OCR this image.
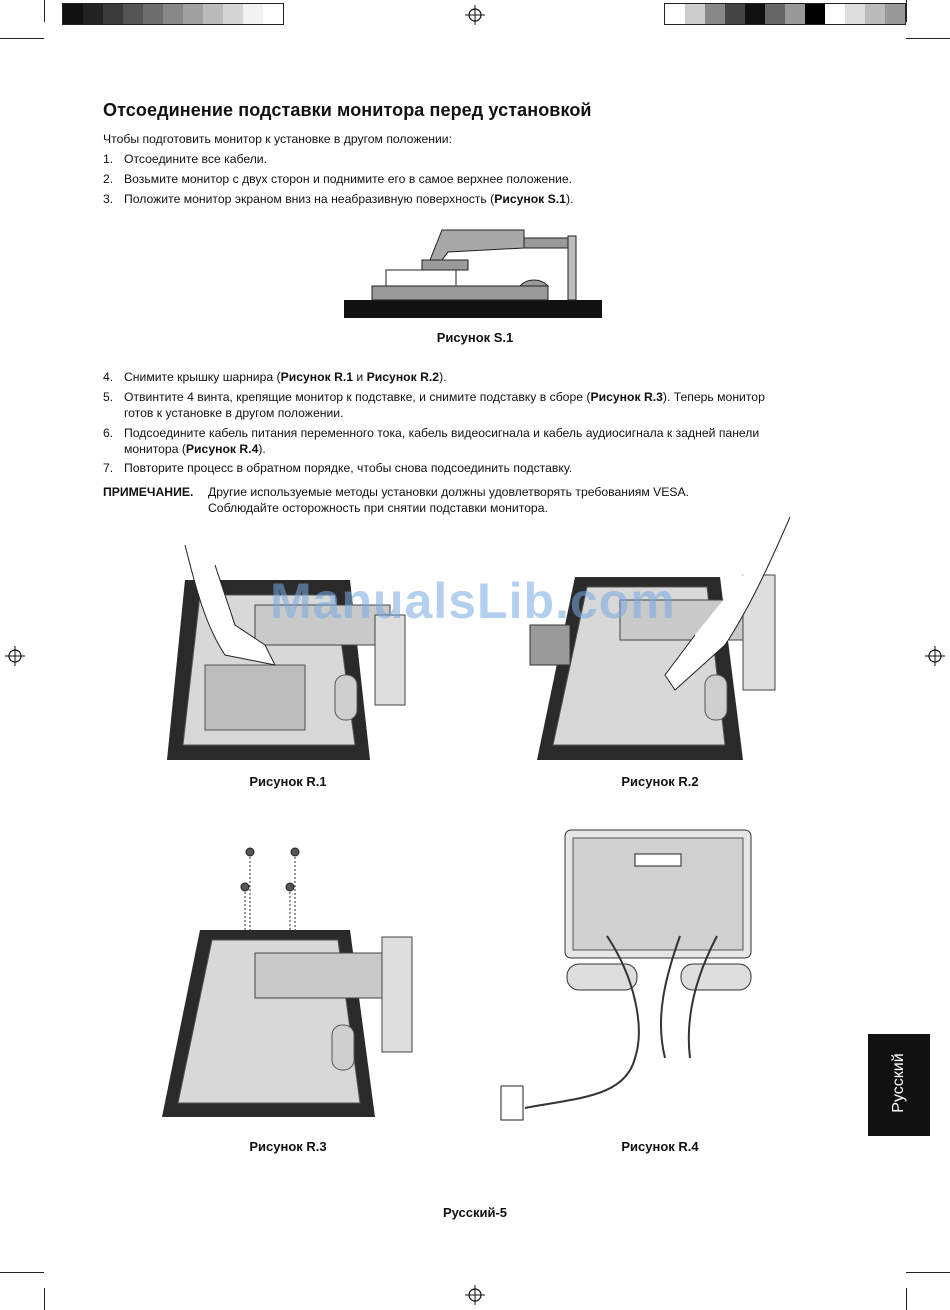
Отсоединение подставки монитора перед установкой
Чтобы подготовить монитор к установке в другом положении:
1. Отсоедините все кабели.
2. Возьмите монитор с двух сторон и поднимите его в самое верхнее положение.
3. Положите монитор экраном вниз на неабразивную поверхность (Рисунок S.1).
Рисунок S.1
4. Снимите крышку шарнира (Рисунок R.1 и Рисунок R.2).
5. Отвинтите 4 винта, крепящие монитор к подставке, и снимите подставку в сборе (Рисунок R.3). Теперь монитор
готов к установке в другом положении.
6. Подсоедините кабель питания переменного тока, кабель видеосигнала и кабель аудиосигнала к задней панели
монитора (Рисунок R.4).
7. Повторите процесс в обратном порядке, чтобы снова подсоединить подставку.
ПРИМЕЧАНИЕ. Другие используемые методы установки должны удовлетворять требованиям VESA.
Соблюдайте осторожность при снятии подставки монитора.
Рисунок R.1	Рисунок R.2
Рисунок R.3	Рисунок R.4
ManualsLib.com
Русский
Русский-5
